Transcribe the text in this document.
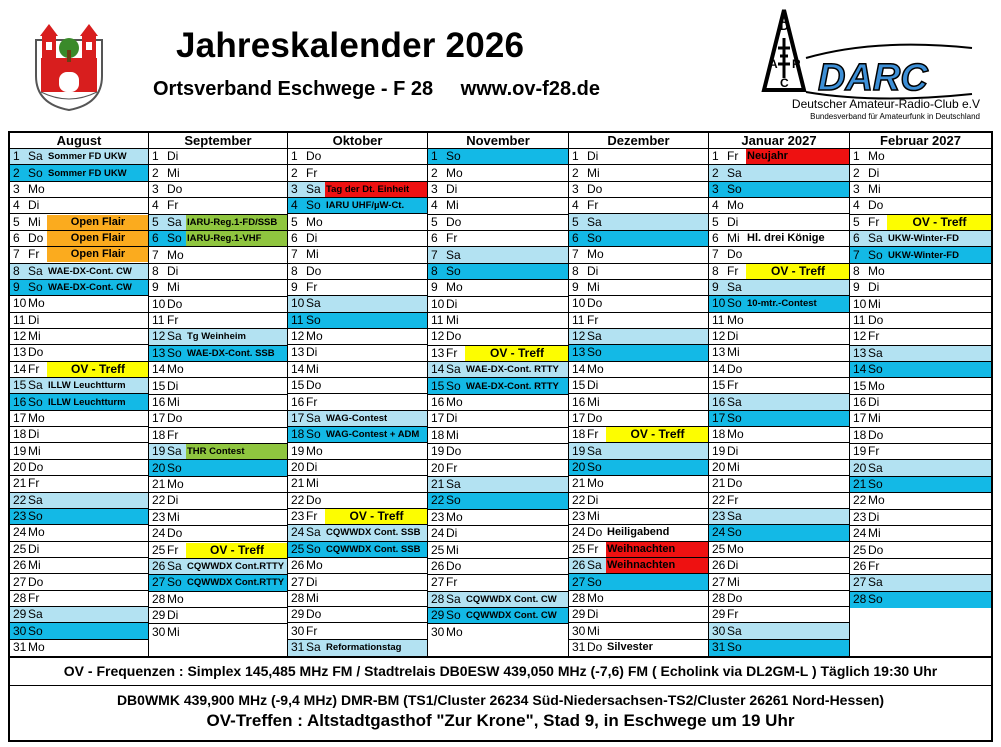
Jahreskalender 2026
Ortsverband Eschwege - F 28 www.ov-f28.de
D
A R
C DARC
Deutscher Amateur-Radio-Club e.V
Bundesverband für Amateurfunk in Deutschland
August
1 Sa Sommer FD UKW
2 So Sommer FD UKW
3 Mo
4 Di
5 Mi	Open Flair
6 Do	Open Flair
7 Fr	Open Flair
8 Sa WAE-DX-Cont. CW
9 So WAE-DX-Cont. CW
10 Mo
11 Di
12 Mi
13 Do
14 Fr	OV - Treff
15 Sa ILLW Leuchtturm
16 So ILLW Leuchtturm
17 Mo
18 Di
19 Mi
20 Do
21 Fr
22 Sa
23 So
24 Mo
25 Di
26 Mi
27 Do
28 Fr
29 Sa
30 So
31 Mo
September
1 Di
2 Mi
3 Do
4 Fr
5 Sa IARU-Reg.1-FD/SSB
6 So IARU-Reg.1-VHF
7 Mo
8 Di
9 Mi
10 Do
11 Fr
12 Sa Tg Weinheim
13 So WAE-DX-Cont. SSB
14 Mo
15 Di
16 Mi
17 Do
18 Fr
19 Sa THR Contest
20 So
21 Mo
22 Di
23 Mi
24 Do
25 Fr	OV - Treff
26 Sa CQWWDX Cont.RTTY
27 So CQWWDX Cont.RTTY
28 Mo
29 Di
30 Mi
Oktober
1 Do
2 Fr
3 Sa Tag der Dt. Einheit
4 So IARU UHF/µW-Ct.
5 Mo
6 Di
7 Mi
8 Do
9 Fr
10 Sa
11 So
12 Mo
13 Di
14 Mi
15 Do
16 Fr
17 Sa WAG-Contest
18 So WAG-Contest + ADM
19 Mo
20 Di
21 Mi
22 Do
23 Fr	OV - Treff
24 Sa CQWWDX Cont. SSB
25 So CQWWDX Cont. SSB
26 Mo
27 Di
28 Mi
29 Do
30 Fr
31 Sa Reformationstag
November
1 So
2 Mo
3 Di
4 Mi
5 Do
6 Fr
7 Sa
8 So
9 Mo
10 Di
11 Mi
12 Do
13 Fr	OV - Treff
14 Sa WAE-DX-Cont. RTTY
15 So WAE-DX-Cont. RTTY
16 Mo
17 Di
18 Mi
19 Do
20 Fr
21 Sa
22 So
23 Mo
24 Di
25 Mi
26 Do
27 Fr
28 Sa CQWWDX Cont. CW
29 So CQWWDX Cont. CW
30 Mo
Dezember
1 Di
2 Mi
3 Do
4 Fr
5 Sa
6 So
7 Mo
8 Di
9 Mi
10 Do
11 Fr
12 Sa
13 So
14 Mo
15 Di
16 Mi
17 Do
18 Fr	OV - Treff
19 Sa
20 So
21 Mo
22 Di
23 Mi
24 Do Heiligabend
25 Fr Weihnachten
26 Sa Weihnachten
27 So
28 Mo
29 Di
30 Mi
31 Do Silvester
Januar 2027
1 Fr Neujahr
2 Sa
3 So
4 Mo
5 Di
6 Mi Hl. drei Könige
7 Do
8 Fr	OV - Treff
9 Sa
10 So 10-mtr.-Contest
11 Mo
12 Di
13 Mi
14 Do
15 Fr
16 Sa
17 So
18 Mo
19 Di
20 Mi
21 Do
22 Fr
23 Sa
24 So
25 Mo
26 Di
27 Mi
28 Do
29 Fr
30 Sa
31 So
Februar 2027
1 Mo
2 Di
3 Mi
4 Do
5 Fr	OV - Treff
6 Sa UKW-Winter-FD
7 So UKW-Winter-FD
8 Mo
9 Di
10 Mi
11 Do
12 Fr
13 Sa
14 So
15 Mo
16 Di
17 Mi
18 Do
19 Fr
20 Sa
21 So
22 Mo
23 Di
24 Mi
25 Do
26 Fr
27 Sa
28 So
OV - Frequenzen : Simplex 145,485 MHz FM / Stadtrelais DB0ESW 439,050 MHz (-7,6) FM ( Echolink via DL2GM-L ) Täglich 19:30 Uhr
DB0WMK 439,900 MHz (-9,4 MHz) DMR-BM (TS1/Cluster 26234 Süd-Niedersachsen-TS2/Cluster 26261 Nord-Hessen)
OV-Treffen : Altstadtgasthof "Zur Krone", Stad 9, in Eschwege um 19 Uhr
